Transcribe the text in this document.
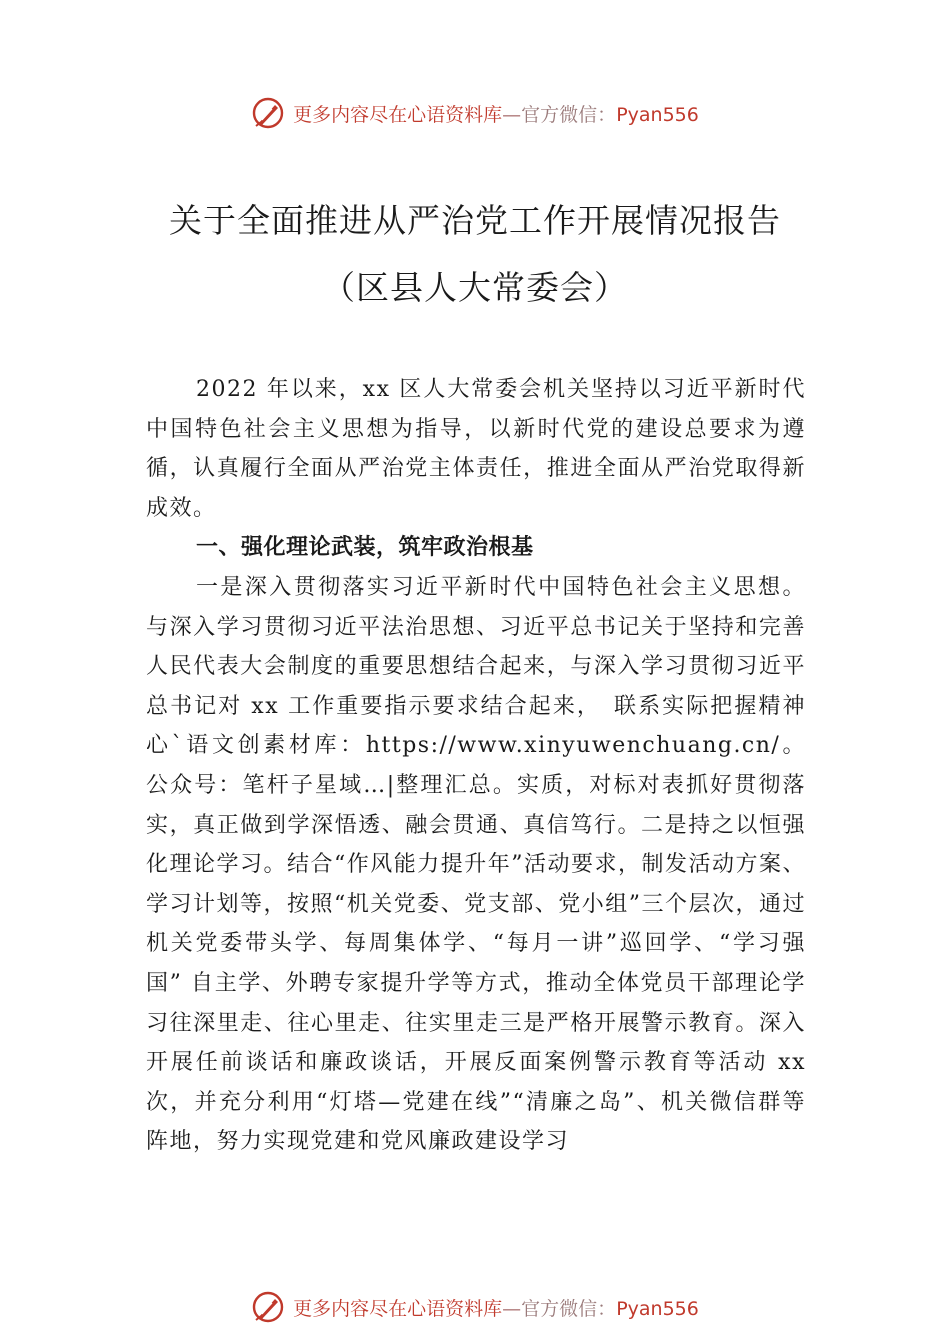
更多内容尽在心语资料库—官方微信：Pyan556
关于全面推进从严治党工作开展情况报告
（区县人大常委会）

2022 年以来，xx 区人大常委会机关坚持以习近平新时代中国特色社会主义思想为指导，以新时代党的建设总要求为遵循，认真履行全面从严治党主体责任，推进全面从严治党取得新成效。

一、强化理论武装，筑牢政治根基

一是深入贯彻落实习近平新时代中国特色社会主义思想。与深入学习贯彻习近平法治思想、习近平总书记关于坚持和完善人民代表大会制度的重要思想结合起来，与深入学习贯彻习近平总书记对 xx 工作重要指示要求结合起来，　联系实际把握精神心`语文创素材库：https://www.xinyuwenchuang.cn/。公众号：笔杆子星域…|整理汇总。实质，对标对表抓好贯彻落实，真正做到学深悟透、融会贯通、真信笃行。二是持之以恒强化理论学习。结合“作风能力提升年”活动要求，制发活动方案、学习计划等，按照“机关党委、党支部、党小组”三个层次，通过机关党委带头学、每周集体学、“每月一讲”巡回学、“学习强国” 自主学、外聘专家提升学等方式，推动全体党员干部理论学习往深里走、往心里走、往实里走三是严格开展警示教育。深入开展任前谈话和廉政谈话，开展反面案例警示教育等活动 xx 次，并充分利用“灯塔—党建在线”“清廉之岛”、机关微信群等阵地，努力实现党建和党风廉政建设学习

更多内容尽在心语资料库—官方微信：Pyan556
